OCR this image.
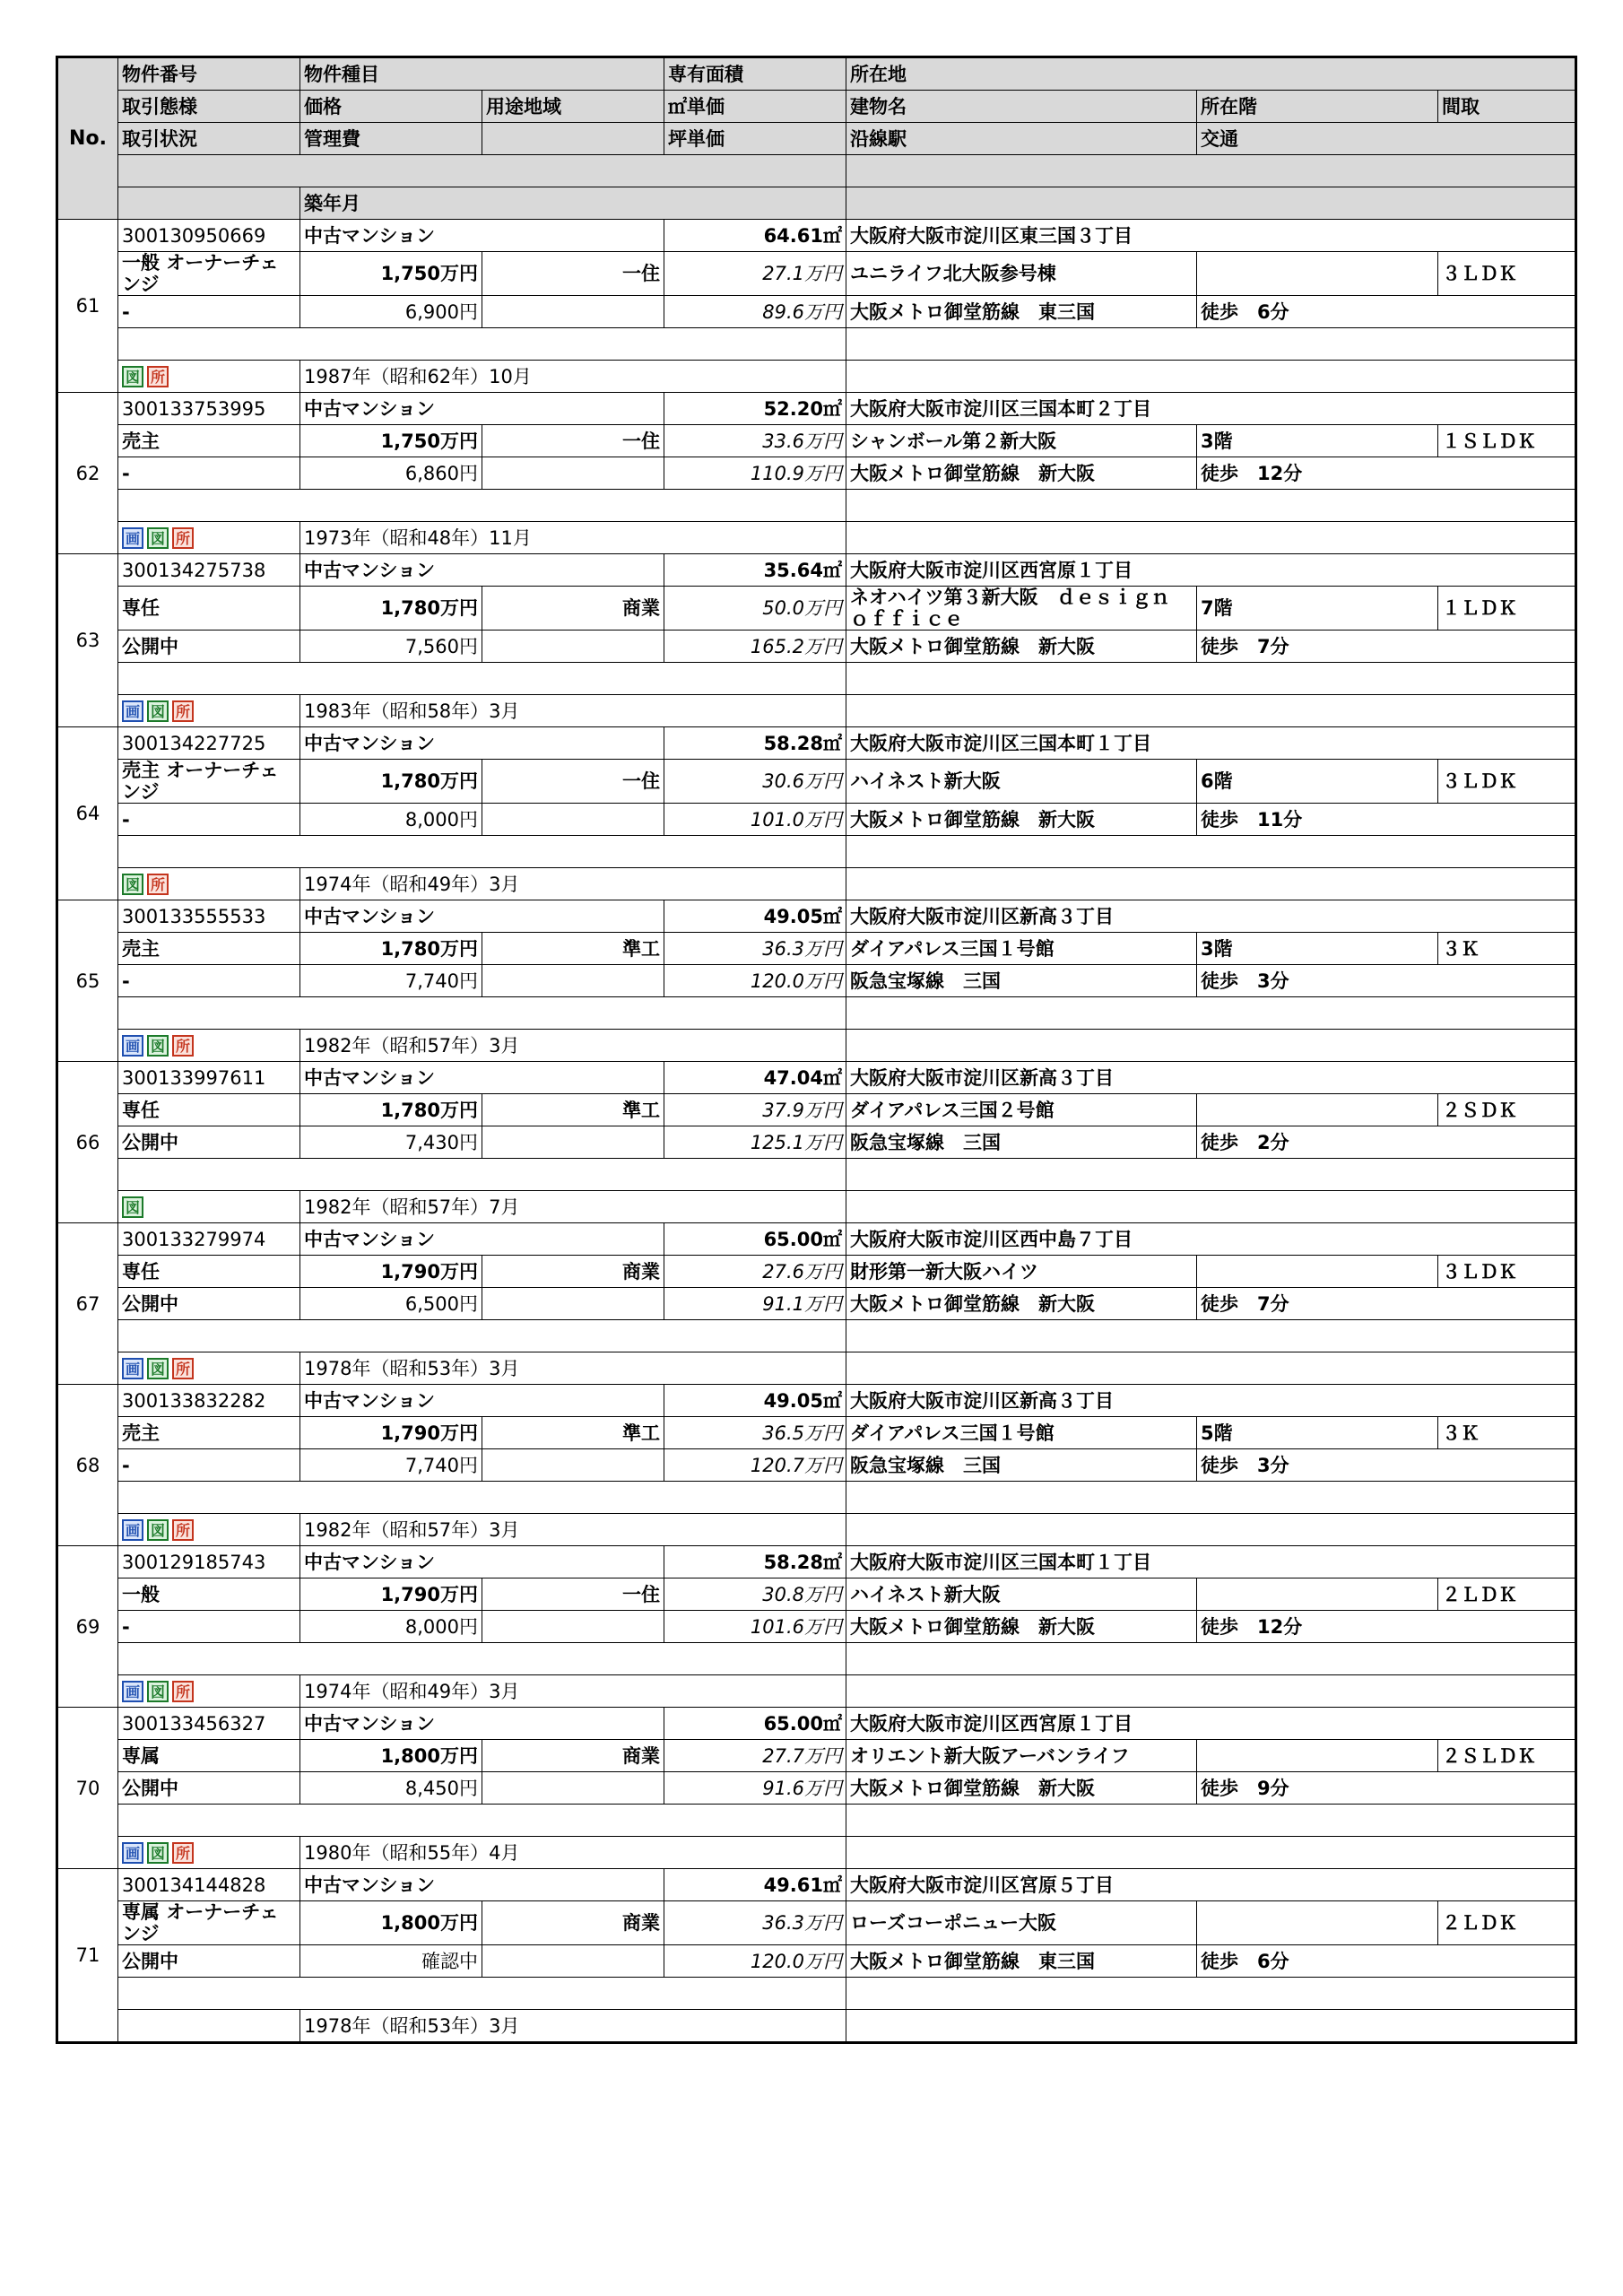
No.	物件番号	物件種目		専有面積	所在地		
	取引態様	価格	用途地域	㎡単価	建物名	所在階	間取
	取引状況	管理費		坪単価	沿線駅	交通	

		築年月					
61	300130950669	中古マンション		64.61㎡	大阪府大阪市淀川区東三国３丁目		
	一般 オーナーチェンジ	1,750万円	一住	27.1万円	ユニライフ北大阪参号棟		３ＬＤＫ
	-	6,900円		89.6万円	大阪メトロ御堂筋線　東三国	徒歩　6分	

	図 所	1987年（昭和62年）10月					
62	300133753995	中古マンション		52.20㎡	大阪府大阪市淀川区三国本町２丁目		
	売主	1,750万円	一住	33.6万円	シャンボール第２新大阪	3階	１ＳＬＤＫ
	-	6,860円		110.9万円	大阪メトロ御堂筋線　新大阪	徒歩　12分	

	画 図 所	1973年（昭和48年）11月					
63	300134275738	中古マンション		35.64㎡	大阪府大阪市淀川区西宮原１丁目		
	専任	1,780万円	商業	50.0万円	ネオハイツ第３新大阪　ｄｅｓｉｇｎ　ｏｆｆｉｃｅ	7階	１ＬＤＫ
	公開中	7,560円		165.2万円	大阪メトロ御堂筋線　新大阪	徒歩　7分	

	画 図 所	1983年（昭和58年）3月					
64	300134227725	中古マンション		58.28㎡	大阪府大阪市淀川区三国本町１丁目		
	売主 オーナーチェンジ	1,780万円	一住	30.6万円	ハイネスト新大阪	6階	３ＬＤＫ
	-	8,000円		101.0万円	大阪メトロ御堂筋線　新大阪	徒歩　11分	

	図 所	1974年（昭和49年）3月					
65	300133555533	中古マンション		49.05㎡	大阪府大阪市淀川区新高３丁目		
	売主	1,780万円	準工	36.3万円	ダイアパレス三国１号館	3階	３Ｋ
	-	7,740円		120.0万円	阪急宝塚線　三国	徒歩　3分	

	画 図 所	1982年（昭和57年）3月					
66	300133997611	中古マンション		47.04㎡	大阪府大阪市淀川区新高３丁目		
	専任	1,780万円	準工	37.9万円	ダイアパレス三国２号館		２ＳＤＫ
	公開中	7,430円		125.1万円	阪急宝塚線　三国	徒歩　2分	

	図	1982年（昭和57年）7月					
67	300133279974	中古マンション		65.00㎡	大阪府大阪市淀川区西中島７丁目		
	専任	1,790万円	商業	27.6万円	財形第一新大阪ハイツ		３ＬＤＫ
	公開中	6,500円		91.1万円	大阪メトロ御堂筋線　新大阪	徒歩　7分	

	画 図 所	1978年（昭和53年）3月					
68	300133832282	中古マンション		49.05㎡	大阪府大阪市淀川区新高３丁目		
	売主	1,790万円	準工	36.5万円	ダイアパレス三国１号館	5階	３Ｋ
	-	7,740円		120.7万円	阪急宝塚線　三国	徒歩　3分	

	画 図 所	1982年（昭和57年）3月					
69	300129185743	中古マンション		58.28㎡	大阪府大阪市淀川区三国本町１丁目		
	一般	1,790万円	一住	30.8万円	ハイネスト新大阪		２ＬＤＫ
	-	8,000円		101.6万円	大阪メトロ御堂筋線　新大阪	徒歩　12分	

	画 図 所	1974年（昭和49年）3月					
70	300133456327	中古マンション		65.00㎡	大阪府大阪市淀川区西宮原１丁目		
	専属	1,800万円	商業	27.7万円	オリエント新大阪アーバンライフ		２ＳＬＤＫ
	公開中	8,450円		91.6万円	大阪メトロ御堂筋線　新大阪	徒歩　9分	

	画 図 所	1980年（昭和55年）4月					
71	300134144828	中古マンション		49.61㎡	大阪府大阪市淀川区宮原５丁目		
	専属 オーナーチェンジ	1,800万円	商業	36.3万円	ローズコーポニュー大阪		２ＬＤＫ
	公開中	確認中		120.0万円	大阪メトロ御堂筋線　東三国	徒歩　6分	

		1978年（昭和53年）3月					
